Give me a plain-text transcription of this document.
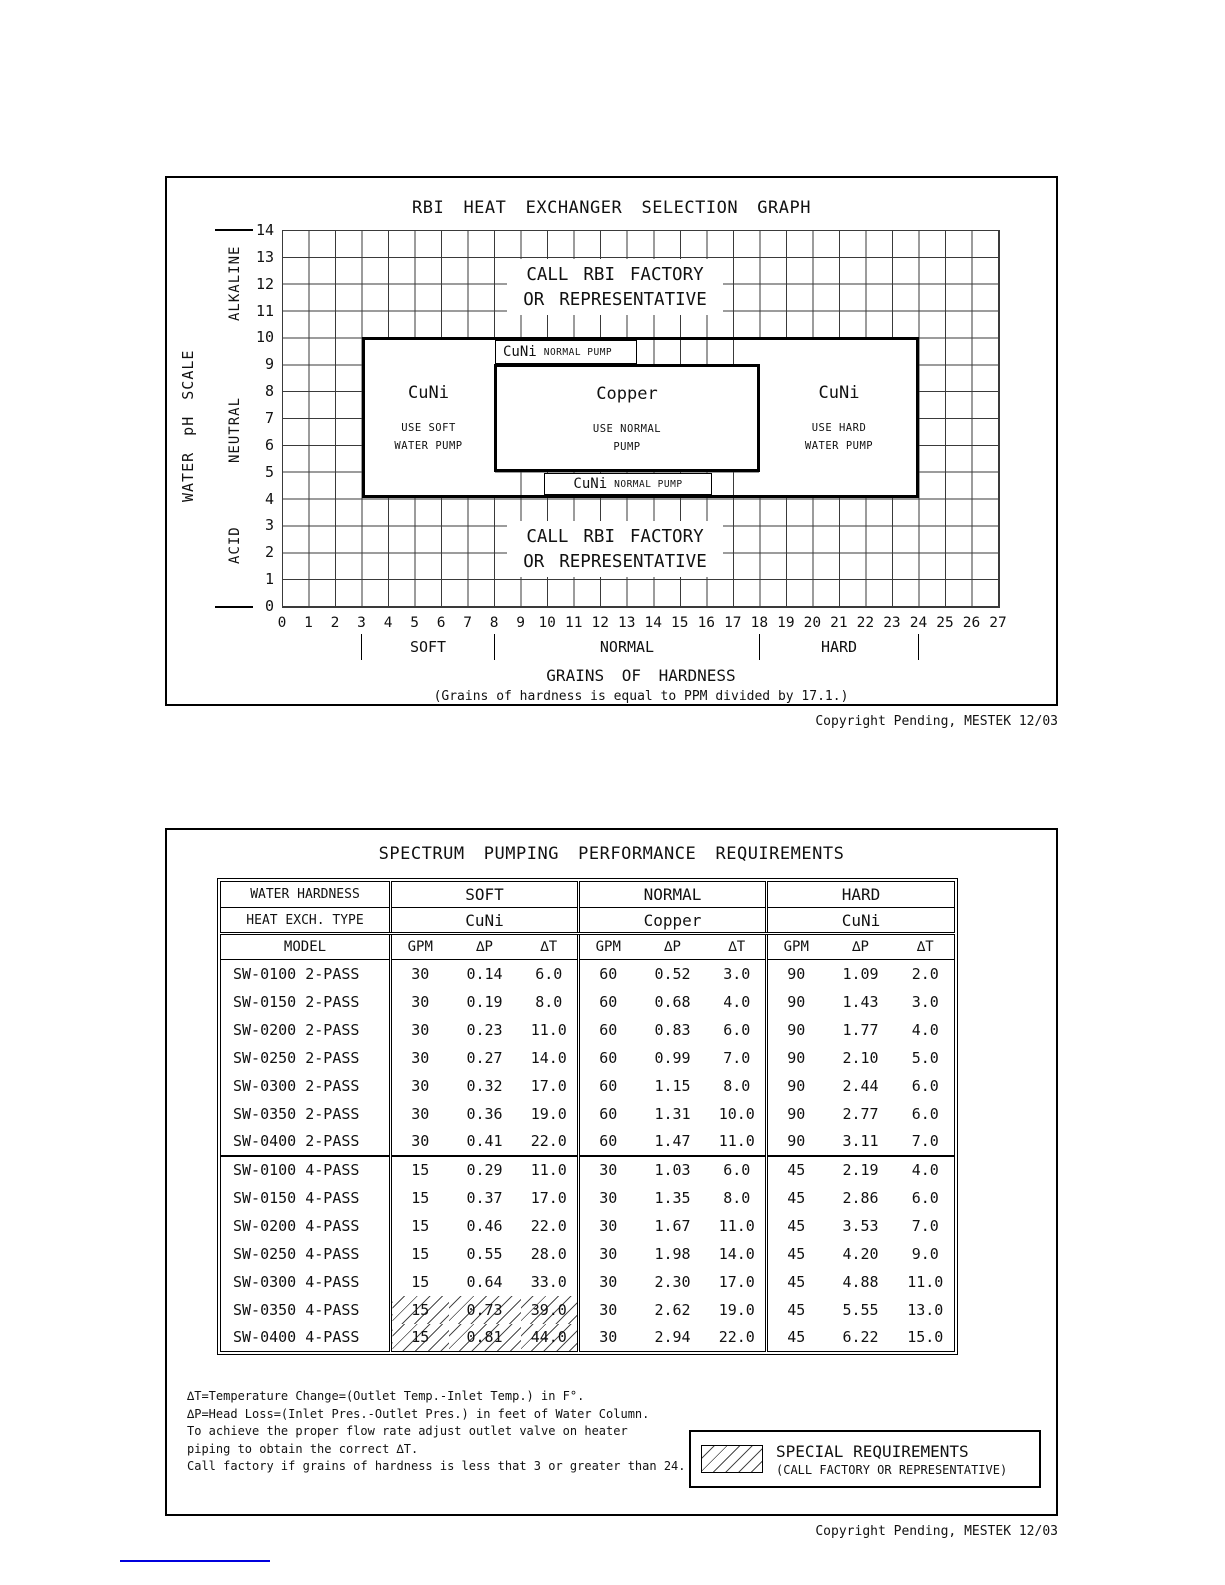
RBI HEAT EXCHANGER SELECTION GRAPH
WATER pH SCALE
ALKALINE
NEUTRAL
ACID
14
13
12
11
10
9
8
7
6
5
4
3
2
1
0
CALL RBI FACTORY
OR REPRESENTATIVE
CuNi
USE SOFT
WATER PUMP
Copper
USE NORMAL
PUMP
CuNi
USE HARD
WATER PUMP
CuNi NORMAL PUMP
CuNi NORMAL PUMP
CALL RBI FACTORY
OR REPRESENTATIVE
0	1	2	3	4	5	6	7	8	9 10 11 12 13 14 15 16 17 18 19 20 21 22 23 24 25 26 27
SOFT	NORMAL	HARD
GRAINS OF HARDNESS
(Grains of hardness is equal to PPM divided by 17.1.)
Copyright Pending, MESTEK 12/03
SPECTRUM PUMPING PERFORMANCE REQUIREMENTS
WATER HARDNESS	SOFT			NORMAL			HARD		
HEAT EXCH. TYPE	CuNi			Copper			CuNi		
MODEL	GPM	∆P	∆T	GPM	∆P	∆T	GPM	∆P	∆T
SW-0100 2-PASS	30	0.14	6.0	60	0.52	3.0	90	1.09	2.0
SW-0150 2-PASS	30	0.19	8.0	60	0.68	4.0	90	1.43	3.0
SW-0200 2-PASS	30	0.23	11.0	60	0.83	6.0	90	1.77	4.0
SW-0250 2-PASS	30	0.27	14.0	60	0.99	7.0	90	2.10	5.0
SW-0300 2-PASS	30	0.32	17.0	60	1.15	8.0	90	2.44	6.0
SW-0350 2-PASS	30	0.36	19.0	60	1.31	10.0	90	2.77	6.0
SW-0400 2-PASS	30	0.41	22.0	60	1.47	11.0	90	3.11	7.0
SW-0100 4-PASS	15	0.29	11.0	30	1.03	6.0	45	2.19	4.0
SW-0150 4-PASS	15	0.37	17.0	30	1.35	8.0	45	2.86	6.0
SW-0200 4-PASS	15	0.46	22.0	30	1.67	11.0	45	3.53	7.0
SW-0250 4-PASS	15	0.55	28.0	30	1.98	14.0	45	4.20	9.0
SW-0300 4-PASS	15	0.64	33.0	30	2.30	17.0	45	4.88	11.0
SW-0350 4-PASS	15	0.73	39.0	30	2.62	19.0	45	5.55	13.0
SW-0400 4-PASS	15	0.81	44.0	30	2.94	22.0	45	6.22	15.0
∆T=Temperature Change=(Outlet Temp.-Inlet Temp.) in F°.
∆P=Head Loss=(Inlet Pres.-Outlet Pres.) in feet of Water Column.
To achieve the proper flow rate adjust outlet valve on heater
piping to obtain the correct ∆T.
Call factory if grains of hardness is less that 3 or greater than 24.
SPECIAL REQUIREMENTS
(CALL FACTORY OR REPRESENTATIVE)
Copyright Pending, MESTEK 12/03
